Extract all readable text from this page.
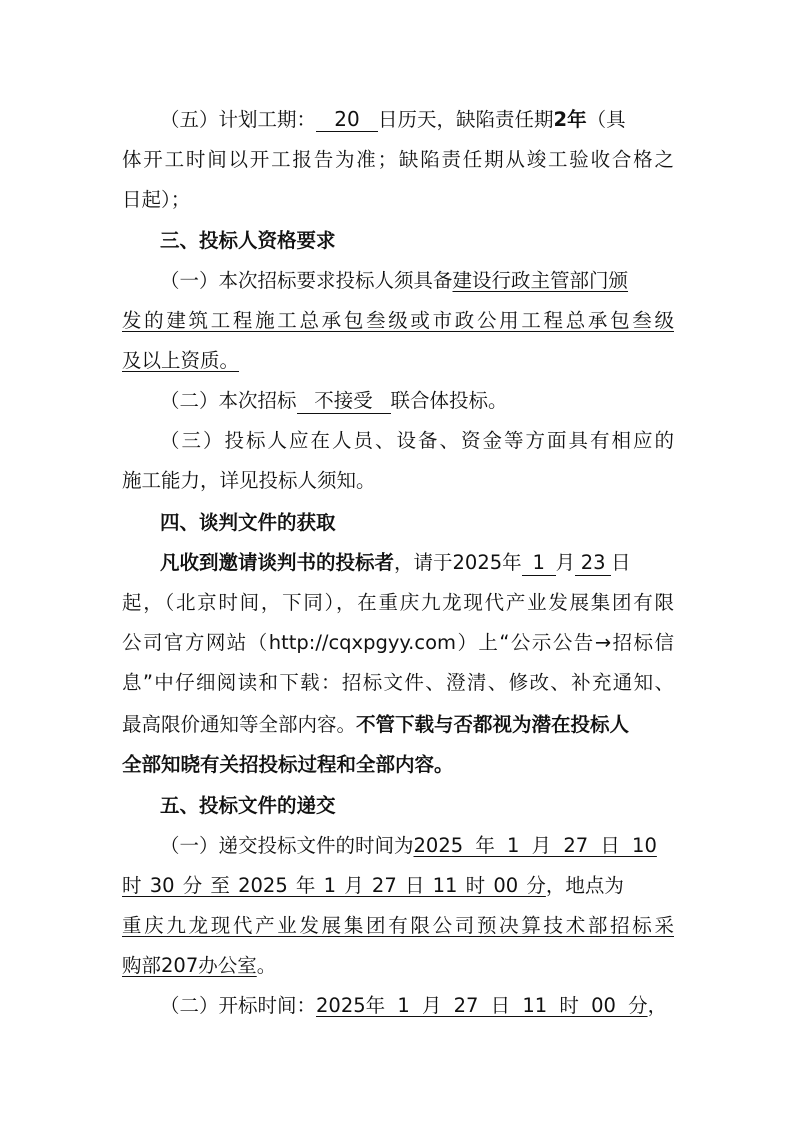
（五）计划工期： 20 日历天，缺陷责任期2年（具
体开工时间以开工报告为准；缺陷责任期从竣工验收合格之
日起）；
三、投标人资格要求
（一）本次招标要求投标人须具备建设行政主管部门颁
发的建筑工程施工总承包叁级或市政公用工程总承包叁级
及以上资质。
（二）本次招标 不接受 联合体投标。
（三）投标人应在人员、设备、资金等方面具有相应的
施工能力，详见投标人须知。
四、谈判文件的获取
凡收到邀请谈判书的投标者，请于2025年 1 月 23 日
起，（北京时间，下同），在重庆九龙现代产业发展集团有限
公司官方网站（http://cqxpgyy.com）上“公示公告→招标信
息”中仔细阅读和下载：招标文件、澄清、修改、补充通知、
最高限价通知等全部内容。不管下载与否都视为潜在投标人
全部知晓有关招投标过程和全部内容。
五、投标文件的递交
（一）递交投标文件的时间为2025 年 1 月 27 日 10
时 30 分 至 2025 年 1 月 27 日 11 时 00 分，地点为
重庆九龙现代产业发展集团有限公司预决算技术部招标采
购部207办公室。
（二）开标时间：2025年 1 月 27 日 11 时 00 分，
